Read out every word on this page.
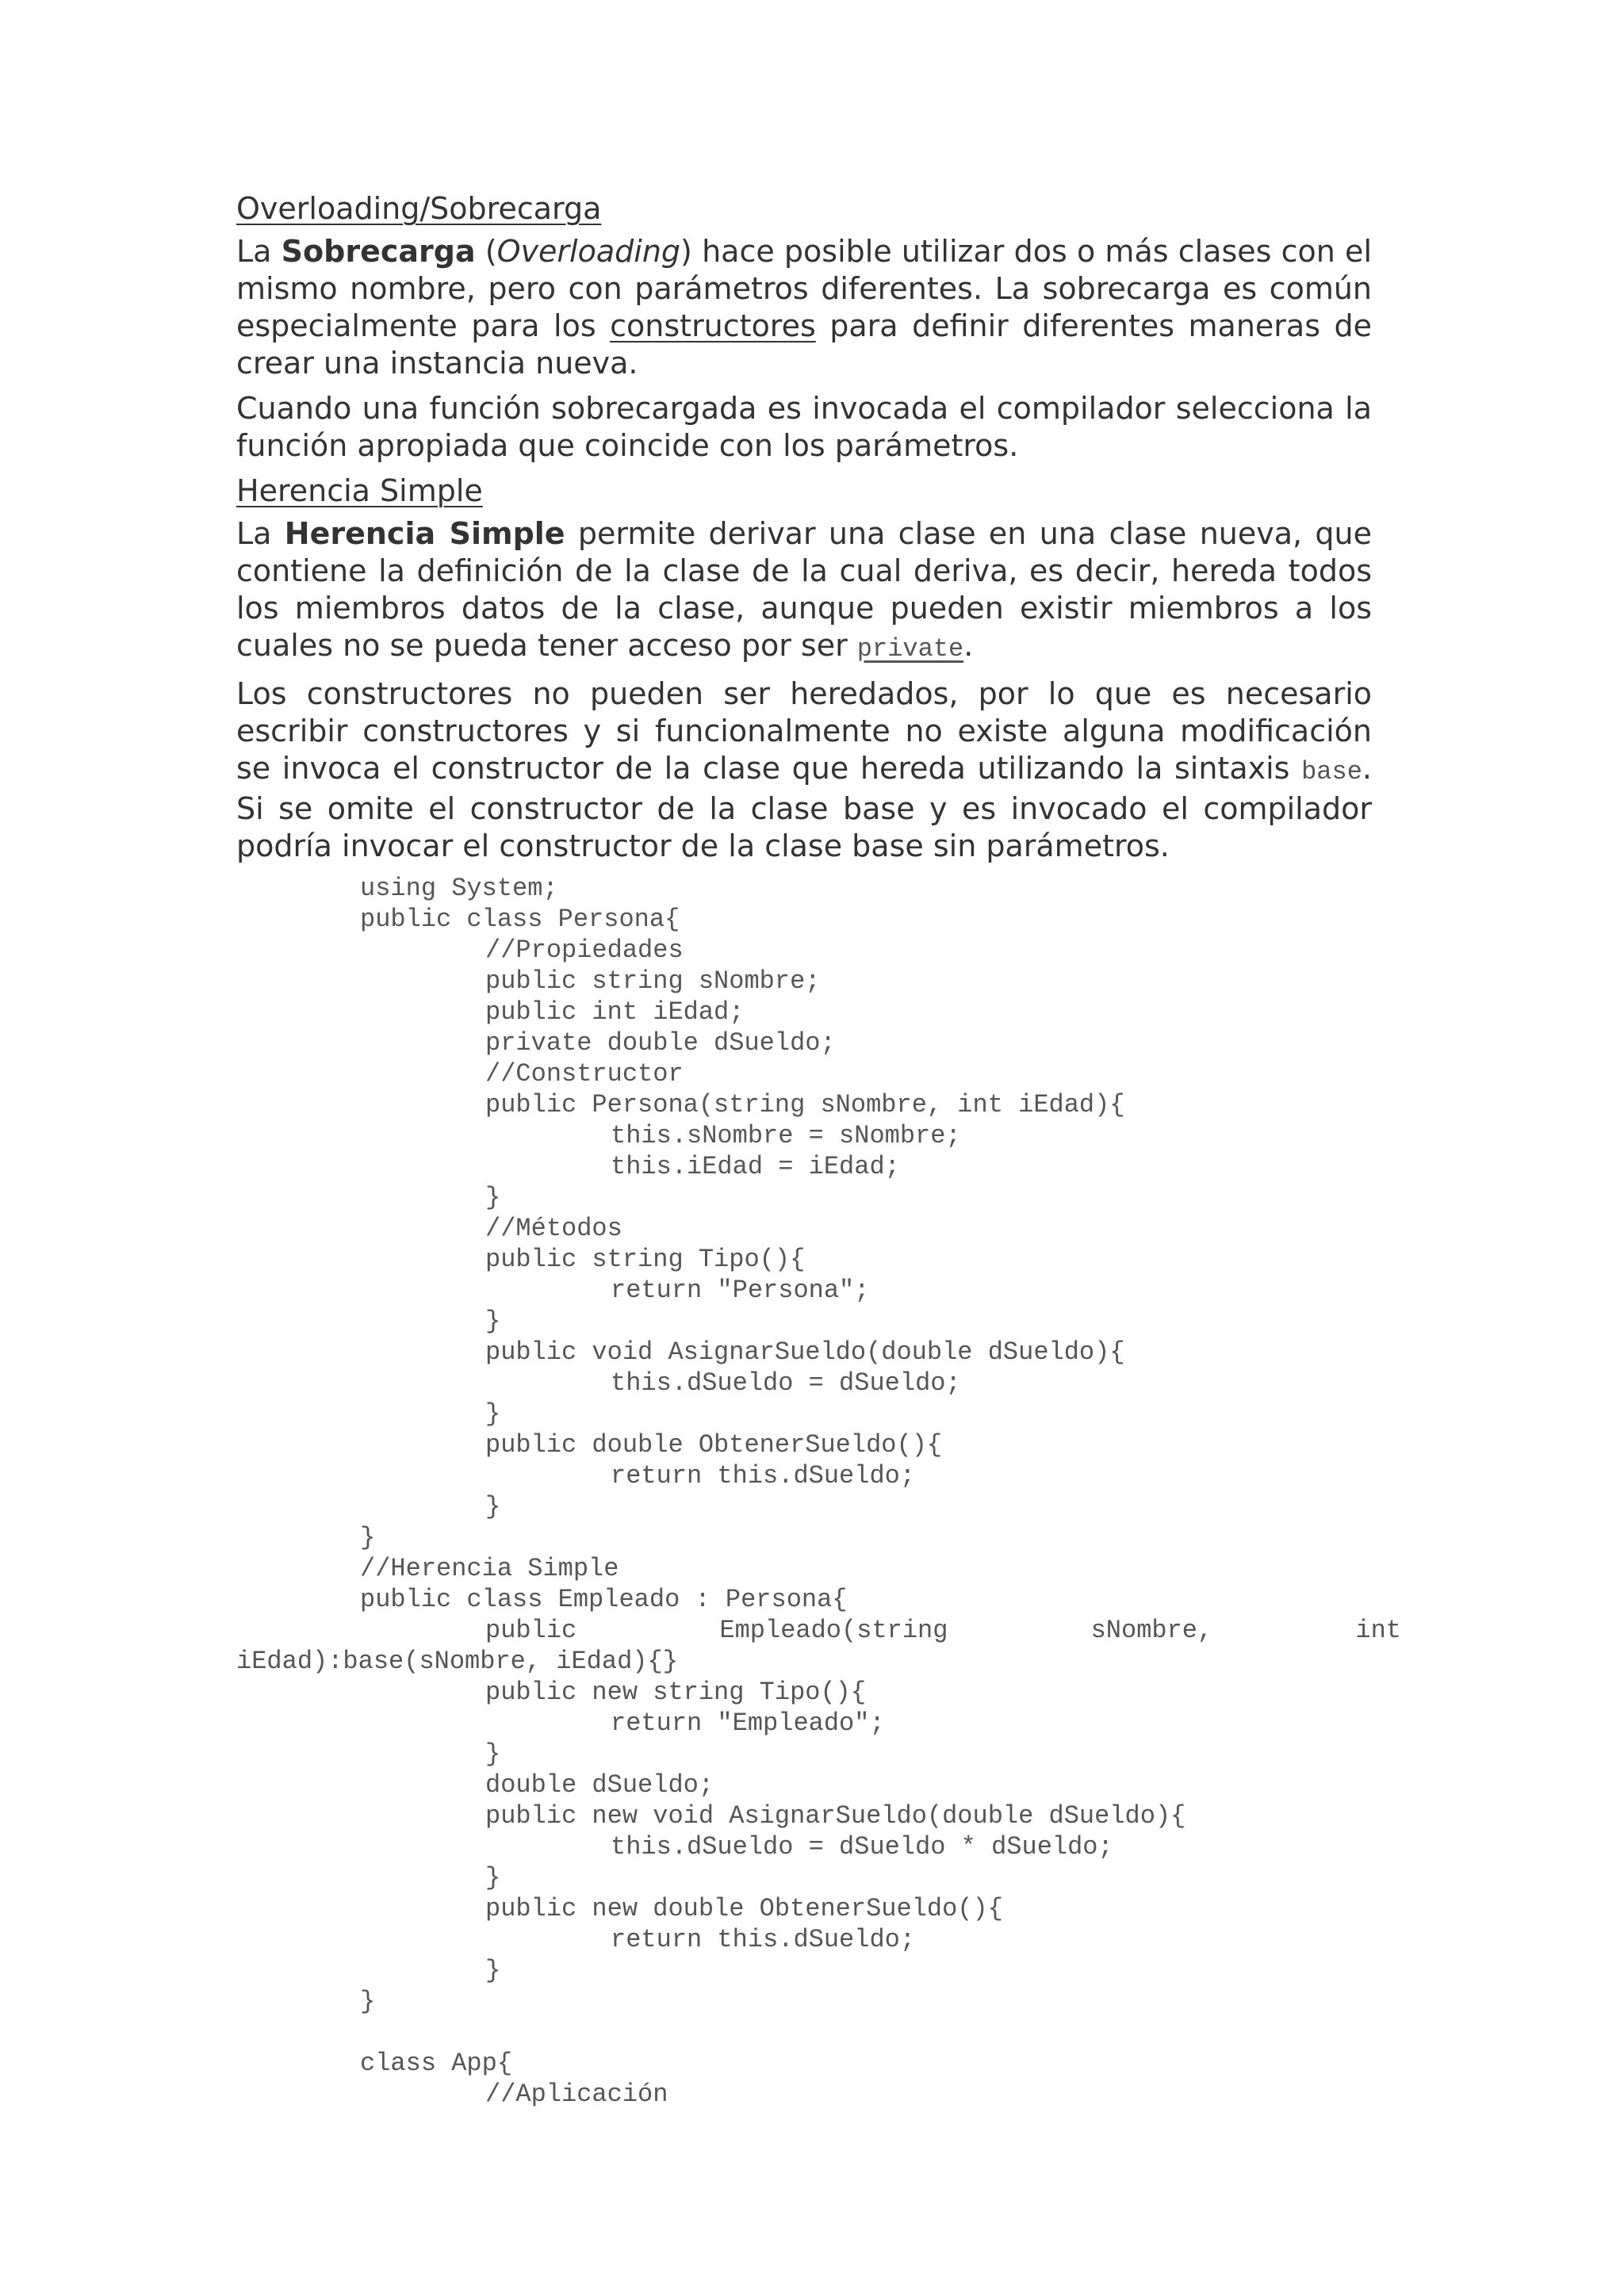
Overloading/Sobrecarga

La Sobrecarga (Overloading) hace posible utilizar dos o más clases con el mismo nombre, pero con parámetros diferentes. La sobrecarga es común especialmente para los constructores para definir diferentes maneras de crear una instancia nueva.

Cuando una función sobrecargada es invocada el compilador selecciona la función apropiada que coincide con los parámetros.

Herencia Simple

La Herencia Simple permite derivar una clase en una clase nueva, que contiene la definición de la clase de la cual deriva, es decir, hereda todos los miembros datos de la clase, aunque pueden existir miembros a los cuales no se pueda tener acceso por ser private.

Los constructores no pueden ser heredados, por lo que es necesario escribir constructores y si funcionalmente no existe alguna modificación se invoca el constructor de la clase que hereda utilizando la sintaxis base. Si se omite el constructor de la clase base y es invocado el compilador podría invocar el constructor de la clase base sin parámetros.

using System;
public class Persona{
//Propiedades
public string sNombre;
public int iEdad;
private double dSueldo;
//Constructor
public Persona(string sNombre, int iEdad){
this.sNombre = sNombre;
this.iEdad = iEdad;
}
//Métodos
public string Tipo(){
return "Persona";
}
public void AsignarSueldo(double dSueldo){
this.dSueldo = dSueldo;
}
public double ObtenerSueldo(){
return this.dSueldo;
}
}
//Herencia Simple
public class Empleado : Persona{
public	Empleado(string	sNombre,	int
iEdad):base(sNombre, iEdad){}
public new string Tipo(){
return "Empleado";
}
double dSueldo;
public new void AsignarSueldo(double dSueldo){
this.dSueldo = dSueldo * dSueldo;
}
public new double ObtenerSueldo(){
return this.dSueldo;
}
}
class App{
//Aplicación
